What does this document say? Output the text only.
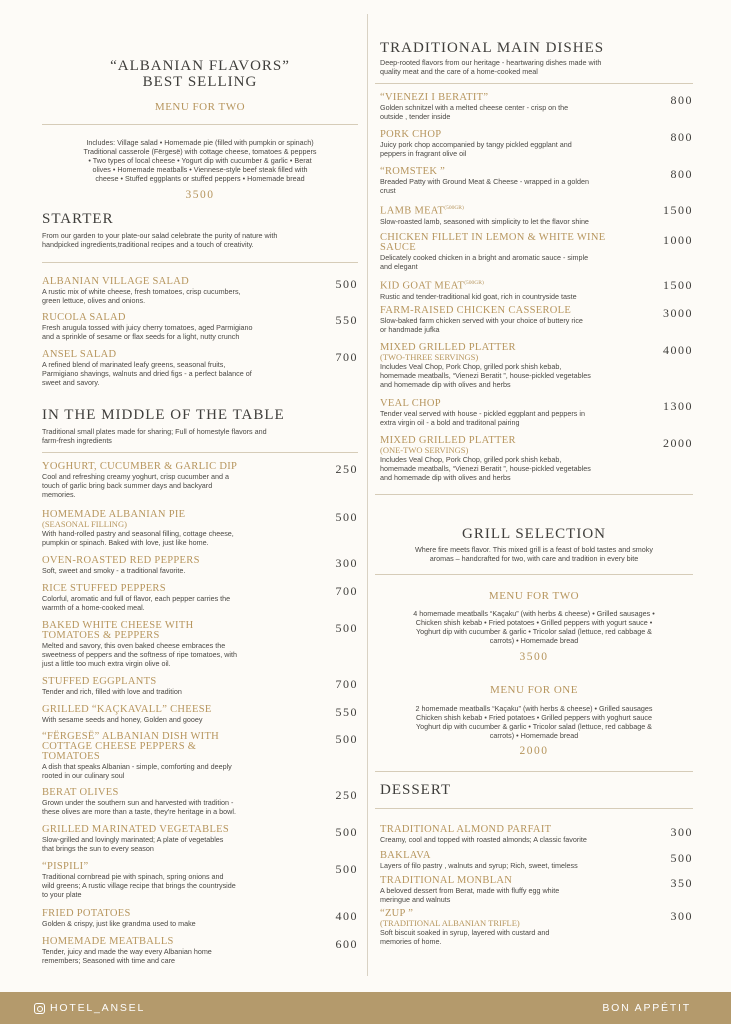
“ALBANIAN FLAVORS”
BEST SELLING
MENU FOR TWO
Includes: Village salad • Homemade pie (filled with pumpkin or spinach)
Traditional casserole (Fërgesë) with cottage cheese, tomatoes & peppers
• Two types of local cheese • Yogurt dip with cucumber & garlic • Berat
olives • Homemade meatballs • Viennese-style beef steak filled with
cheese • Stuffed eggplants or stuffed peppers • Homemade bread
3500
STARTER
From our garden to your plate-our salad celebrate the purity of nature with
handpicked ingredients,traditional recipes and a touch of creativity.
ALBANIAN VILLAGE SALAD
A rustic mix of white cheese, fresh tomatoes, crisp cucumbers,
green lettuce, olives and onions.
500
RUCOLA SALAD
Fresh arugula tossed with juicy cherry tomatoes, aged Parmigiano
and a sprinkle of sesame or flax seeds for a light, nutty crunch
550
ANSEL SALAD
A refined blend of marinated leafy greens, seasonal fruits,
Parmigiano shavings, walnuts and dried figs - a perfect balance of
sweet and savory.
700
IN THE MIDDLE OF THE TABLE
Traditional small plates made for sharing; Full of homestyle flavors and
farm-fresh ingredients
YOGHURT, CUCUMBER & GARLIC DIP
Cool and refreshing creamy yoghurt, crisp cucumber and a
touch of garlic bring back summer days and backyard
memories.
250
HOMEMADE ALBANIAN PIE
(SEASONAL FILLING)
With hand-rolled pastry and seasonal filling, cottage cheese,
pumpkin or spinach. Baked with love, just like home.
500
OVEN-ROASTED RED PEPPERS
Soft, sweet and smoky - a traditional favorite.
300
RICE STUFFED PEPPERS
Colorful, aromatic and full of flavor, each pepper carries the
warmth of a home-cooked meal.
700
BAKED WHITE CHEESE WITH
TOMATOES & PEPPERS
Melted and savory, this oven baked cheese embraces the
sweetness of peppers and the softness of ripe tomatoes, with
just a little too much extra virgin olive oil.
500
STUFFED EGGPLANTS
Tender and rich, filled with love and tradition
700
GRILLED “KAÇKAVALL” CHEESE
With sesame seeds and honey, Golden and gooey
550
“FËRGESË” ALBANIAN DISH WITH
COTTAGE CHEESE PEPPERS &
TOMATOES
A dish that speaks Albanian - simple, comforting and deeply
rooted in our culinary soul
500
BERAT OLIVES
Grown under the southern sun and harvested with tradition -
these olives are more than a taste, they're heritage in a bowl.
250
GRILLED MARINATED VEGETABLES
Slow-grilled and lovingly marinated; A plate of vegetables
that brings the sun to every season
500
“PISPILI”
Traditional cornbread pie with spinach, spring onions and
wild greens; A rustic village recipe that brings the countryside
to your plate
500
FRIED POTATOES
Golden & crispy, just like grandma used to make
400
HOMEMADE MEATBALLS
Tender, juicy and made the way every Albanian home
remembers; Seasoned with time and care
600
TRADITIONAL MAIN DISHES
Deep-rooted flavors from our heritage - heartwaring dishes made with
quality meat and the care of a home-cooked meal
“VIENEZI I BERATIT”
Golden schnitzel with a melted cheese center - crisp on the
outside , tender inside
800
PORK CHOP
Juicy pork chop accompanied by tangy pickled eggplant and
peppers in fragrant olive oil
800
“ROMSTEK ”
Breaded Patty with Ground Meat & Cheese - wrapped in a golden
crust
800
LAMB $MEAT^{(500GR)}$
Slow-roasted lamb, seasoned with simplicity to let the flavor shine
1500
CHICKEN FILLET IN LEMON & WHITE WINE
SAUCE
Delicately cooked chicken in a bright and aromatic sauce - simple
and elegant
1000
KID GOAT $MEAT^{(500GR)}$
Rustic and tender-traditional kid goat, rich in countryside taste
1500
FARM-RAISED CHICKEN CASSEROLE
Slow-baked farm chicken served with your choice of buttery rice
or handmade jufka
3000
MIXED GRILLED PLATTER
(TWO-THREE SERVINGS)
Includes Veal Chop, Pork Chop, grilled pork shish kebab,
homemade meatballs, “Vienezi Beratit ”, house-pickled vegetables
and homemade dip with olives and herbs
4000
VEAL CHOP
Tender veal served with house - pickled eggplant and peppers in
extra virgin oil - a bold and traditonal pairing
1300
MIXED GRILLED PLATTER
(ONE-TWO SERVINGS)
Includes Veal Chop, Pork Chop, grilled pork shish kebab,
homemade meatballs, “Vienezi Beratit ”, house-pickled vegetables
and homemade dip with olives and herbs
2000
GRILL SELECTION
Where fire meets flavor. This mixed grill is a feast of bold tastes and smoky
aromas – handcrafted for two, with care and tradition in every bite
MENU FOR TWO
4 homemade meatballs “Kaçaku” (with herbs & cheese) • Grilled sausages •
Chicken shish kebab • Fried potatoes • Grilled peppers with yogurt sauce •
Yoghurt dip with cucumber & garlic • Tricolor salad (lettuce, red cabbage &
carrots) • Homemade bread
3500
MENU FOR ONE
2 homemade meatballs “Kaçaku” (with herbs & cheese) • Grilled sausages
Chicken shish kebab • Fried potatoes • Grilled peppers with yoghurt sauce
Yoghurt dip with cucumber & garlic • Tricolor salad (lettuce, red cabbage &
carrots) • Homemade bread
2000
DESSERT
TRADITIONAL ALMOND PARFAIT
Creamy, cool and topped with roasted almonds; A classic favorite
300
BAKLAVA
Layers of filo pastry , walnuts and syrup; Rich, sweet, timeless
500
TRADITIONAL MONBLAN
A beloved dessert from Berat, made with fluffy egg white
meringue and walnuts
350
“ZUP ”
(TRADITIONAL ALBANIAN TRIFLE)
Soft biscuit soaked in syrup, layered with custard and
memories of home.
300
HOTEL_ANSEL	BON APPÉTIT
